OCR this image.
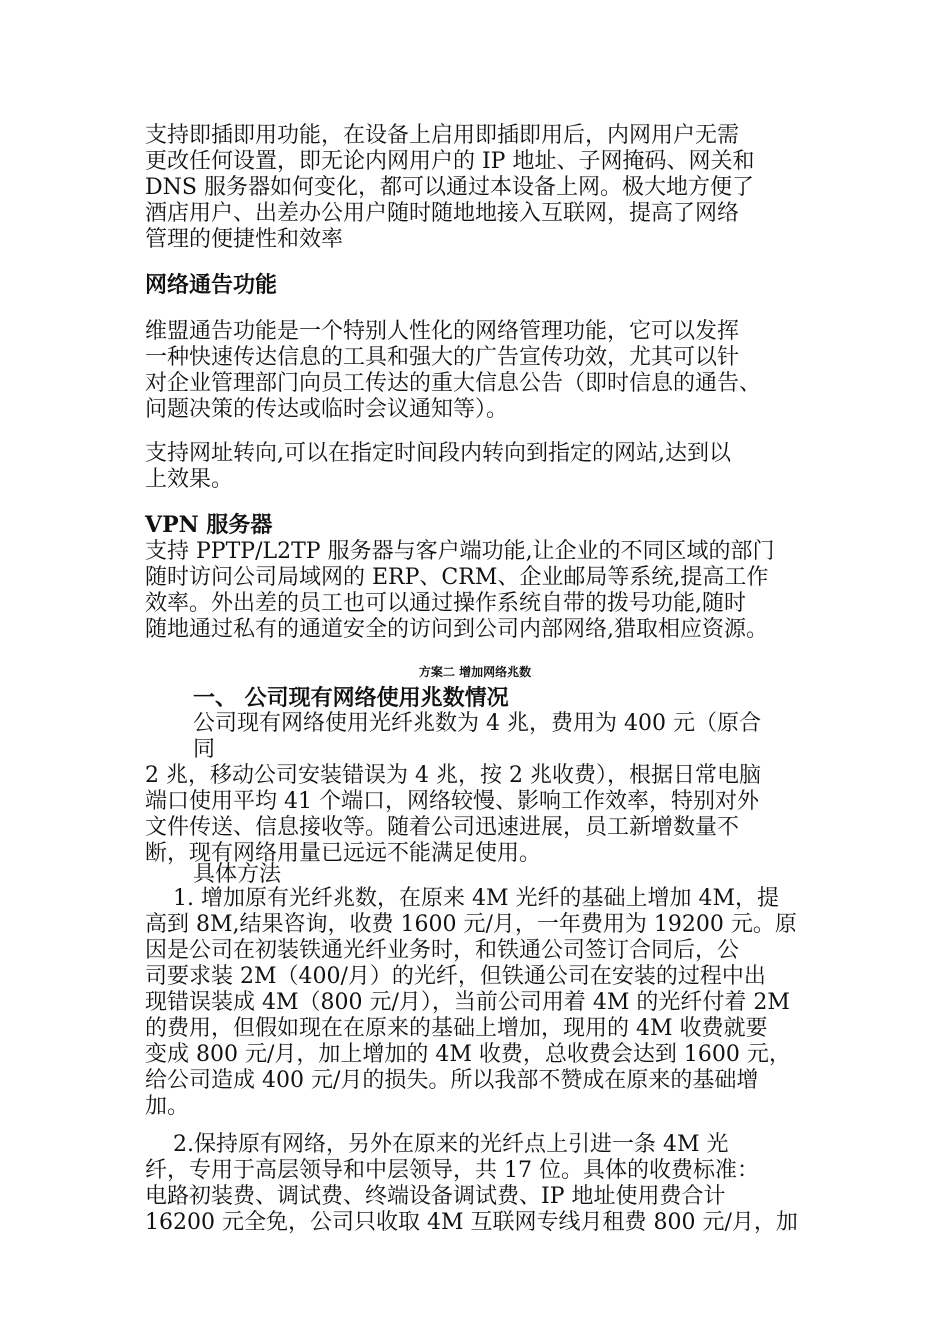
支持即插即用功能，在设备上启用即插即用后，内网用户无需
更改任何设置，即无论内网用户的 IP 地址、子网掩码、网关和
DNS 服务器如何变化，都可以通过本设备上网。极大地方便了
酒店用户、出差办公用户随时随地地接入互联网，提高了网络
管理的便捷性和效率
网络通告功能
维盟通告功能是一个特别人性化的网络管理功能，它可以发挥
一种快速传达信息的工具和强大的广告宣传功效，尤其可以针
对企业管理部门向员工传达的重大信息公告（即时信息的通告、
问题决策的传达或临时会议通知等）。
支持网址转向,可以在指定时间段内转向到指定的网站,达到以
上效果。
VPN 服务器
支持 PPTP/L2TP 服务器与客户端功能,让企业的不同区域的部门
随时访问公司局域网的 ERP、CRM、企业邮局等系统,提高工作
效率。外出差的员工也可以通过操作系统自带的拨号功能,随时
随地通过私有的通道安全的访问到公司内部网络,猎取相应资源。
方案二 增加网络兆数
一、 公司现有网络使用兆数情况
公司现有网络使用光纤兆数为 4 兆，费用为 400 元（原合
同
2 兆，移动公司安装错误为 4 兆，按 2 兆收费），根据日常电脑
端口使用平均 41 个端口，网络较慢、影响工作效率，特别对外
文件传送、信息接收等。随着公司迅速进展，员工新增数量不
断，现有网络用量已远远不能满足使用。
具体方法
1. 增加原有光纤兆数，在原来 4M 光纤的基础上增加 4M，提
高到 8M,结果咨询，收费 1600 元/月，一年费用为 19200 元。原
因是公司在初装铁通光纤业务时，和铁通公司签订合同后，公
司要求装 2M（400/月）的光纤，但铁通公司在安装的过程中出
现错误装成 4M（800 元/月），当前公司用着 4M 的光纤付着 2M
的费用，但假如现在在原来的基础上增加，现用的 4M 收费就要
变成 800 元/月，加上增加的 4M 收费，总收费会达到 1600 元，
给公司造成 400 元/月的损失。所以我部不赞成在原来的基础增
加。
2.保持原有网络，另外在原来的光纤点上引进一条 4M 光
纤，专用于高层领导和中层领导，共 17 位。具体的收费标准：
电路初装费、调试费、终端设备调试费、IP 地址使用费合计
16200 元全免，公司只收取 4M 互联网专线月租费 800 元/月，加
